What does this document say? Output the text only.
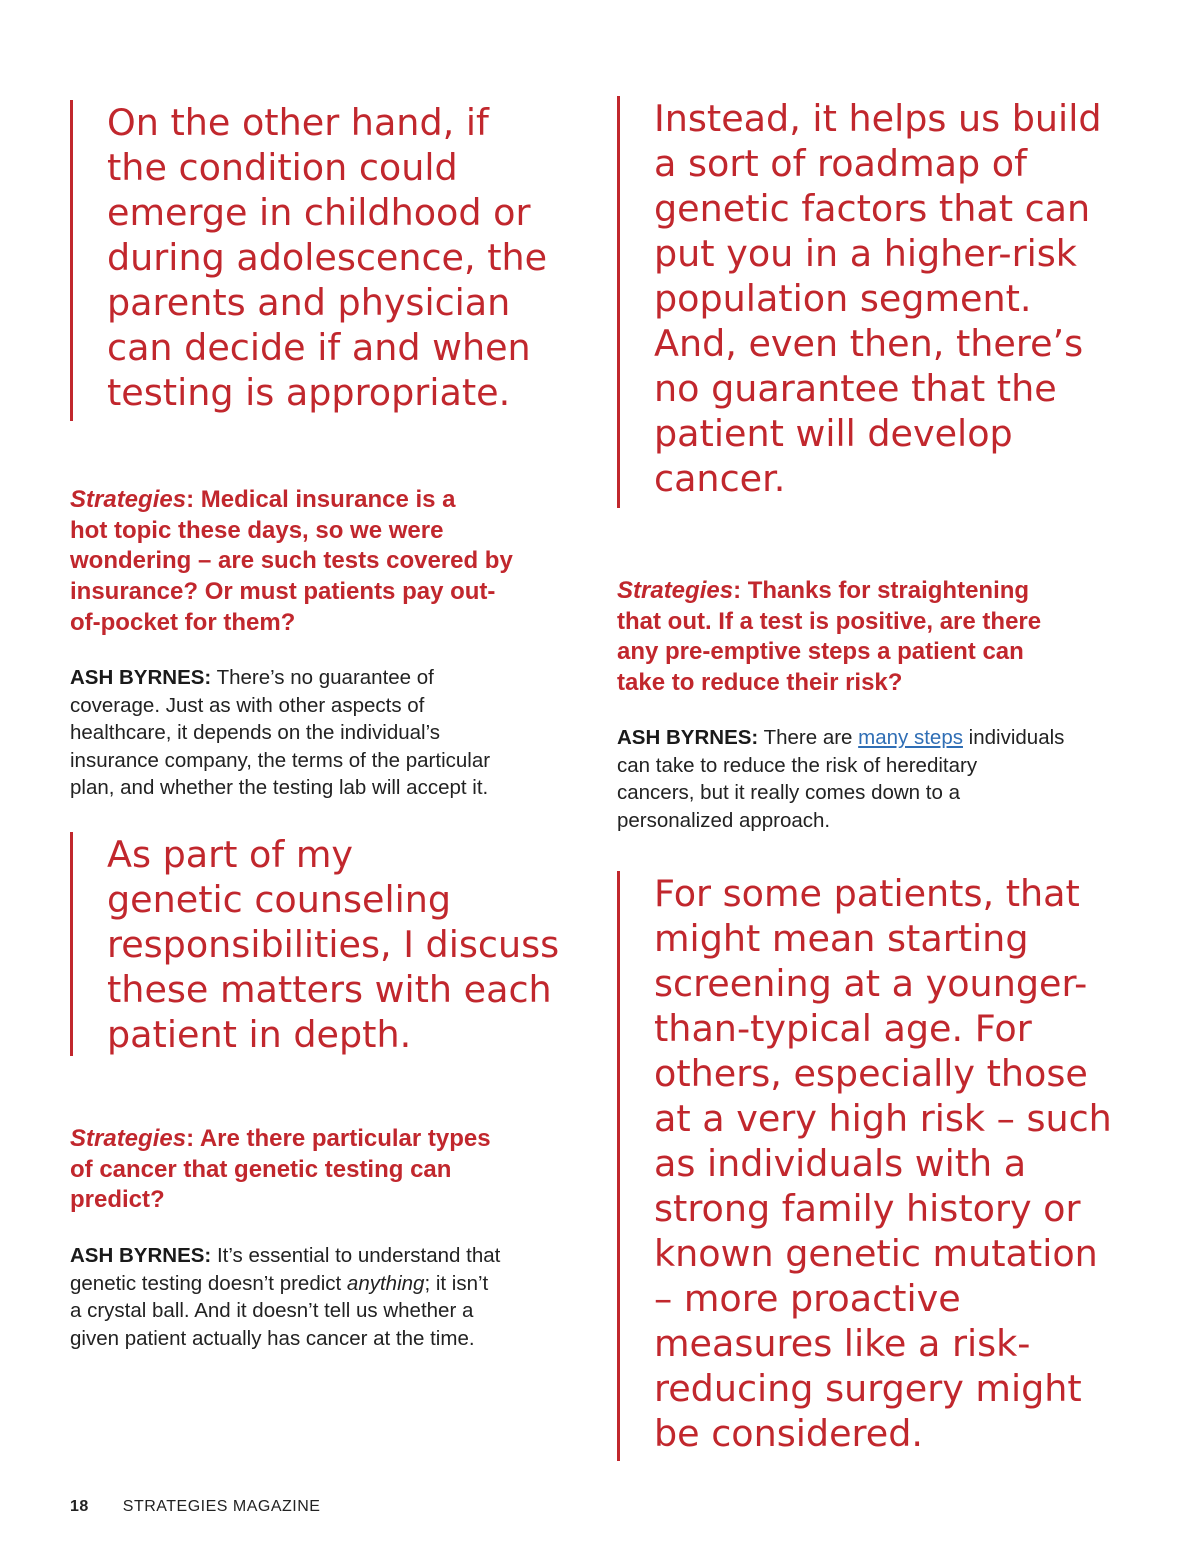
On the other hand, if
the condition could
emerge in childhood or
during adolescence, the
parents and physician
can decide if and when
testing is appropriate.
Strategies: Medical insurance is a
hot topic these days, so we were
wondering – are such tests covered by
insurance? Or must patients pay out-
of-pocket for them?
ASH BYRNES: There’s no guarantee of
coverage. Just as with other aspects of
healthcare, it depends on the individual’s
insurance company, the terms of the particular
plan, and whether the testing lab will accept it.
As part of my
genetic counseling
responsibilities, I discuss
these matters with each
patient in depth.
Strategies: Are there particular types
of cancer that genetic testing can
predict?
ASH BYRNES: It’s essential to understand that
genetic testing doesn’t predict anything; it isn’t
a crystal ball. And it doesn’t tell us whether a
given patient actually has cancer at the time.
Instead, it helps us build
a sort of roadmap of
genetic factors that can
put you in a higher-risk
population segment.
And, even then, there’s
no guarantee that the
patient will develop
cancer.
Strategies: Thanks for straightening
that out. If a test is positive, are there
any pre-emptive steps a patient can
take to reduce their risk?
ASH BYRNES: There are many steps individuals
can take to reduce the risk of hereditary
cancers, but it really comes down to a
personalized approach.
For some patients, that
might mean starting
screening at a younger-
than-typical age. For
others, especially those
at a very high risk – such
as individuals with a
strong family history or
known genetic mutation
– more proactive
measures like a risk-
reducing surgery might
be considered.
18 STRATEGIES MAGAZINE
